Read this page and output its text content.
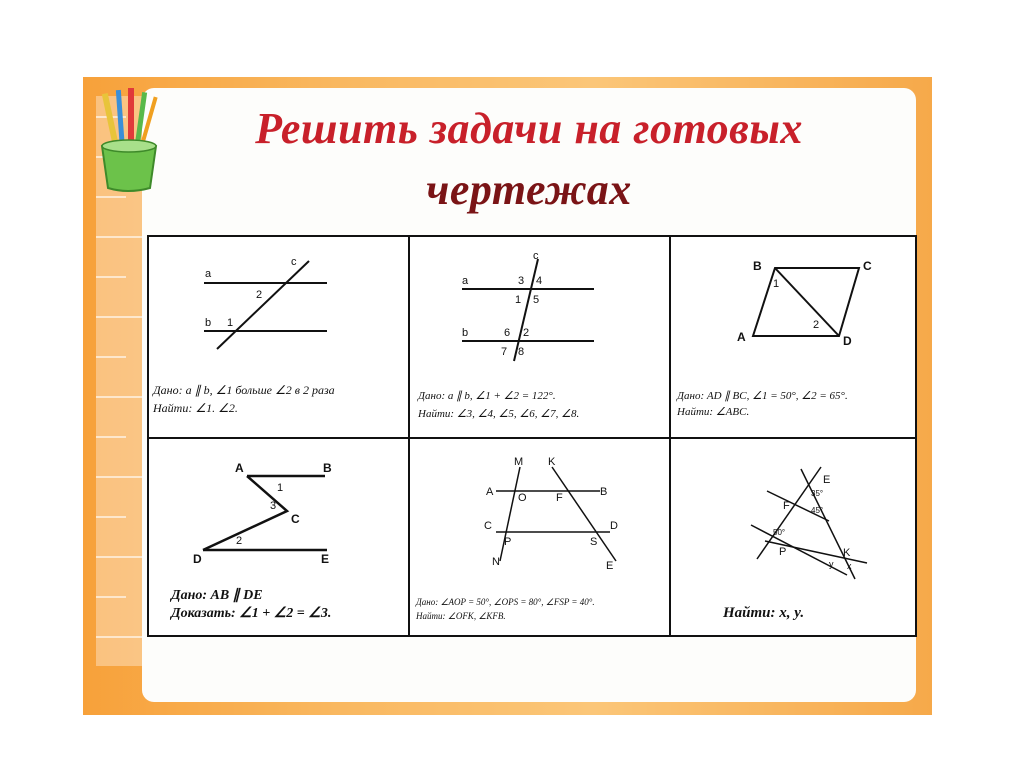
Решить задачи на готовых
чертежах
a
b
c
2
1
Дано: a ∥ b, ∠1 больше ∠2 в 2 раза
Найти: ∠1. ∠2.
a
b
c
3 4
1 5
6 2
7 8
Дано: a ∥ b, ∠1 + ∠2 = 122°.
Найти: ∠3, ∠4, ∠5, ∠6, ∠7, ∠8.
B	C
A	D
1
2
Дано: AD ∥ BC, ∠1 = 50°, ∠2 = 65°.
Найти: ∠ABC.
A	B
C
D	E
1
3
2
Дано: AB ∥ DE
Доказать: ∠1 + ∠2 = ∠3.
M K
A O	F	B
C	D
P	S
N	E
Дано: ∠AOP = 50°, ∠OPS = 80°, ∠FSP = 40°.
Найти: ∠OFK, ∠KFB.
E
F
P	K
35°
45°
50°
x
y
Найти: x, y.
